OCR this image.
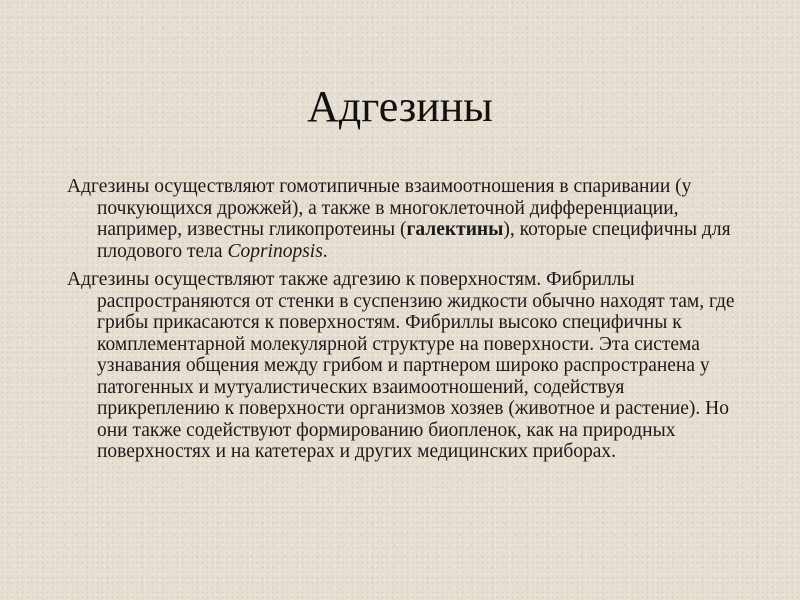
Адгезины

Адгезины осуществляют гомотипичные взаимоотношения в спаривании (у почкующихся дрожжей), а также в многоклеточной дифференциации, например, известны гликопротеины (галектины), которые специфичны для плодового тела Coprinopsis.

Адгезины осуществляют также адгезию к поверхностям. Фибриллы распространяются от стенки в суспензию жидкости обычно находят там, где грибы прикасаются к поверхностям. Фибриллы высоко специфичны к комплементарной молекулярной структуре на поверхности. Эта система узнавания общения между грибом и партнером широко распространена у патогенных и мутуалистических взаимоотношений, содействуя прикреплению к поверхности организмов хозяев (животное и растение). Но они также содействуют формированию биопленок, как на природных поверхностях и на катетерах и других медицинских приборах.
